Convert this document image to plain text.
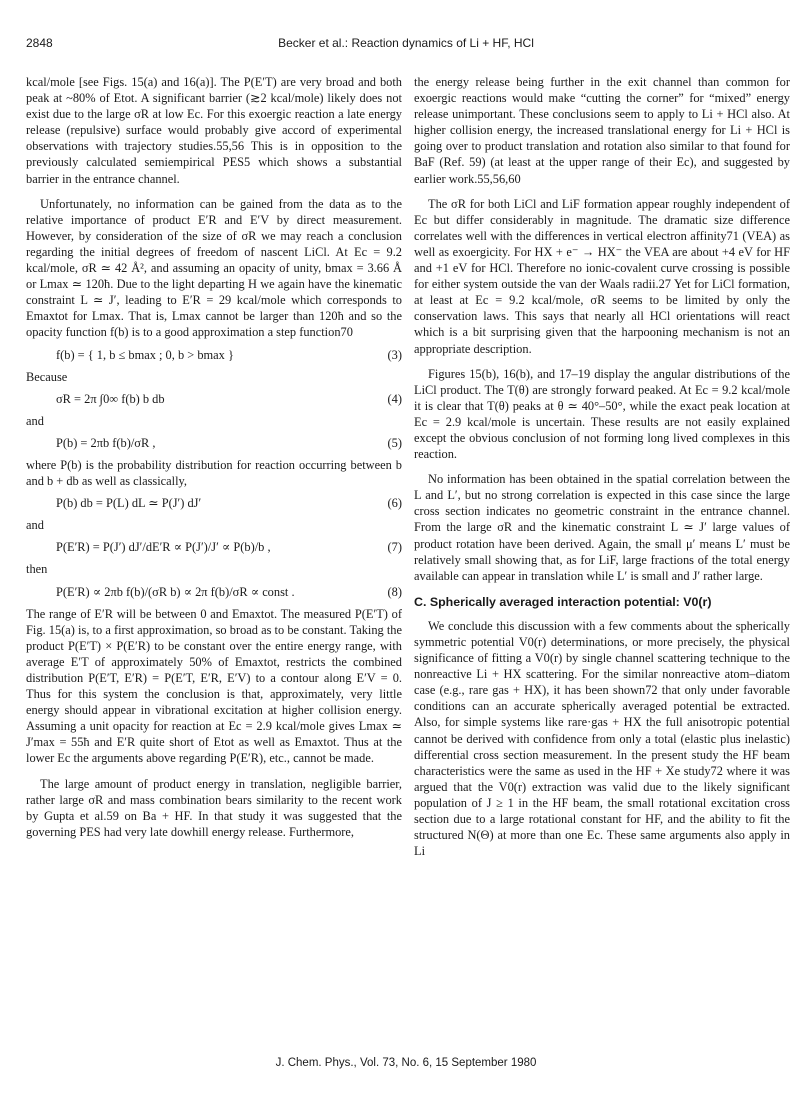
2848	Becker et al.: Reaction dynamics of Li + HF, HCl

kcal/mole [see Figs. 15(a) and 16(a)]. The P(E′T) are very broad and both peak at ~80% of Etot. A significant barrier (≳2 kcal/mole) likely does not exist due to the large σR at low Ec. For this exoergic reaction a late energy release (repulsive) surface would probably give accord of experimental observations with trajectory studies.55,56 This is in opposition to the previously calculated semiempirical PES5 which shows a substantial barrier in the entrance channel.

Unfortunately, no information can be gained from the data as to the relative importance of product E′R and E′V by direct measurement. However, by consideration of the size of σR we may reach a conclusion regarding the initial degrees of freedom of nascent LiCl. At Ec = 9.2 kcal/mole, σR ≃ 42 Å², and assuming an opacity of unity, bmax = 3.66 Å or Lmax ≃ 120ħ. Due to the light departing H we again have the kinematic constraint L ≃ J′, leading to E′R = 29 kcal/mole which corresponds to Emaxtot for Lmax. That is, Lmax cannot be larger than 120ħ and so the opacity function f(b) is to a good approximation a step function70

f(b) = { 1, b ≤ bmax ; 0, b > bmax }	(3)

Because

σR = 2π ∫0∞ f(b) b db	(4)

and

P(b) = 2πb f(b)/σR ,	(5)

where P(b) is the probability distribution for reaction occurring between b and b + db as well as classically,

P(b) db = P(L) dL ≃ P(J′) dJ′	(6)

and

P(E′R) = P(J′) dJ′/dE′R ∝ P(J′)/J′ ∝ P(b)/b ,	(7)

then

P(E′R) ∝ 2πb f(b)/(σR b) ∝ 2π f(b)/σR ∝ const .	(8)

The range of E′R will be between 0 and Emaxtot. The measured P(E′T) of Fig. 15(a) is, to a first approximation, so broad as to be constant. Taking the product P(E′T) × P(E′R) to be constant over the entire energy range, with average E′T of approximately 50% of Emaxtot, restricts the combined distribution P(E′T, E′R) = P(E′T, E′R, E′V) to a contour along E′V = 0. Thus for this system the conclusion is that, approximately, very little energy should appear in vibrational excitation at higher collision energy. Assuming a unit opacity for reaction at Ec = 2.9 kcal/mole gives Lmax ≃ J′max = 55ħ and E′R quite short of Etot as well as Emaxtot. Thus at the lower Ec the arguments above regarding P(E′R), etc., cannot be made.

The large amount of product energy in translation, negligible barrier, rather large σR and mass combination bears similarity to the recent work by Gupta et al.59 on Ba + HF. In that study it was suggested that the governing PES had very late dowhill energy release. Furthermore,

the energy release being further in the exit channel than common for exoergic reactions would make “cutting the corner” for “mixed” energy release unimportant. These conclusions seem to apply to Li + HCl also. At higher collision energy, the increased translational energy for Li + HCl is going over to product translation and rotation also similar to that found for BaF (Ref. 59) (at least at the upper range of their Ec), and suggested by earlier work.55,56,60

The σR for both LiCl and LiF formation appear roughly independent of Ec but differ considerably in magnitude. The dramatic size difference correlates well with the differences in vertical electron affinity71 (VEA) as well as exoergicity. For HX + e⁻ → HX⁻ the VEA are about +4 eV for HF and +1 eV for HCl. Therefore no ionic-covalent curve crossing is possible for either system outside the van der Waals radii.27 Yet for LiCl formation, at least at Ec = 9.2 kcal/mole, σR seems to be limited by only the conservation laws. This says that nearly all HCl orientations will react which is a bit surprising given that the harpooning mechanism is not an appropriate description.

Figures 15(b), 16(b), and 17–19 display the angular distributions of the LiCl product. The T(θ) are strongly forward peaked. At Ec = 9.2 kcal/mole it is clear that T(θ) peaks at θ ≃ 40°–50°, while the exact peak location at Ec = 2.9 kcal/mole is uncertain. These results are not easily explained except the obvious conclusion of not forming long lived complexes in this reaction.

No information has been obtained in the spatial correlation between the L and L′, but no strong correlation is expected in this case since the large cross section indicates no geometric constraint in the entrance channel. From the large σR and the kinematic constraint L ≃ J′ large values of product rotation have been derived. Again, the small μ′ means L′ must be relatively small showing that, as for LiF, large fractions of the total energy available can appear in translation while L′ is small and J′ rather large.

C. Spherically averaged interaction potential: V0(r)

We conclude this discussion with a few comments about the spherically symmetric potential V0(r) determinations, or more precisely, the physical significance of fitting a V0(r) by single channel scattering technique to the nonreactive Li + HX scattering. For the similar nonreactive atom–diatom case (e.g., rare gas + HX), it has been shown72 that only under favorable conditions can an accurate spherically averaged potential be extracted. Also, for simple systems like rare·gas + HX the full anisotropic potential cannot be derived with confidence from only a total (elastic plus inelastic) differential cross section measurement. In the present study the HF beam characteristics were the same as used in the HF + Xe study72 where it was argued that the V0(r) extraction was valid due to the likely significant population of J ≥ 1 in the HF beam, the small rotational excitation cross section due to a large rotational constant for HF, and the ability to fit the structured N(Θ) at more than one Ec. These same arguments also apply in Li

J. Chem. Phys., Vol. 73, No. 6, 15 September 1980
